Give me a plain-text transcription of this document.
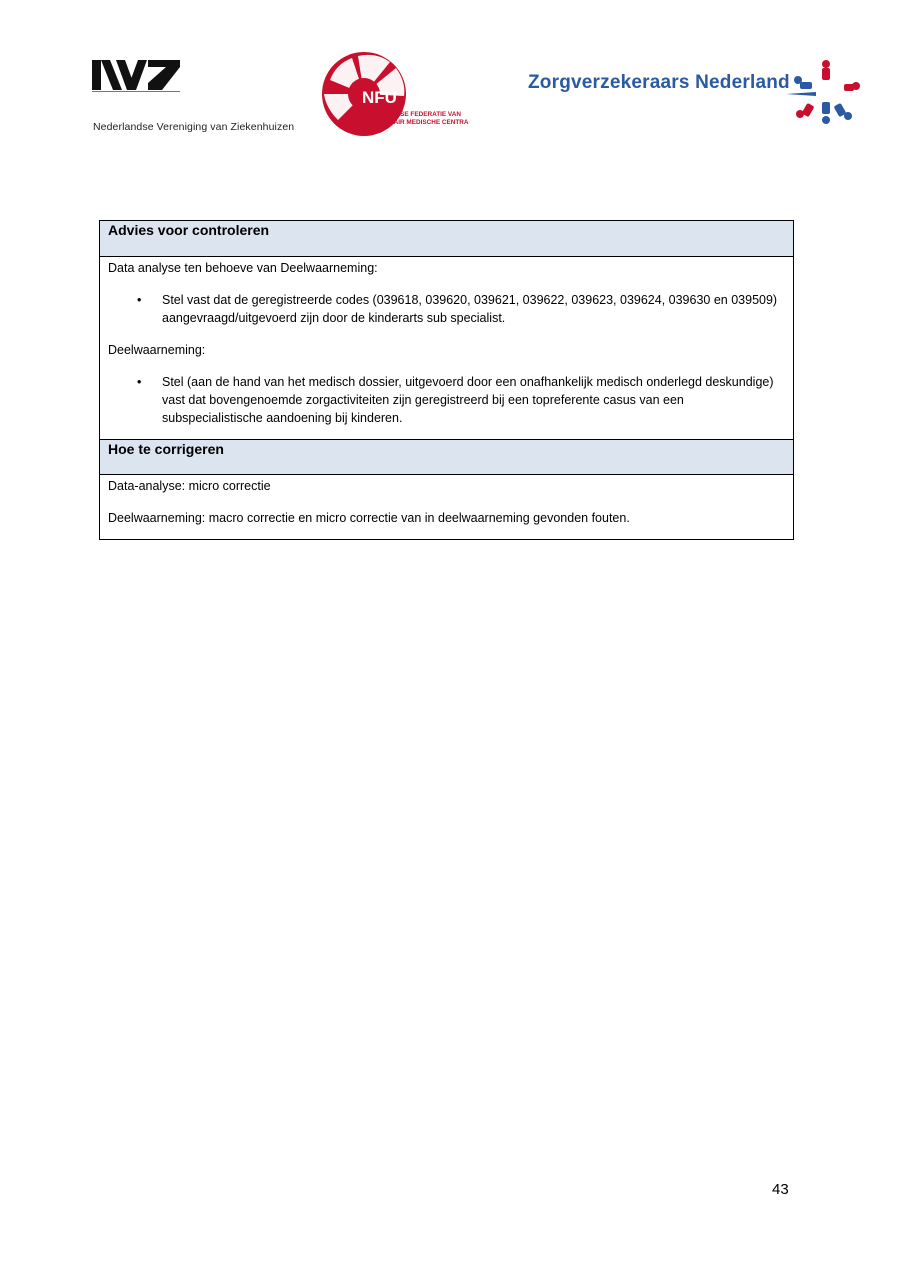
Nederlandse Vereniging van Ziekenhuizen
NFU
NEDERLANDSE FEDERATIE VAN
UNIVERSITAIR MEDISCHE CENTRA
Zorgverzekeraars Nederland
Advies voor controleren

Data analyse ten behoeve van Deelwaarneming:

• Stel vast dat de geregistreerde codes (039618, 039620, 039621, 039622, 039623, 039624, 039630 en 039509) aangevraagd/uitgevoerd zijn door de kinderarts sub specialist.

Deelwaarneming:

• Stel (aan de hand van het medisch dossier, uitgevoerd door een onafhankelijk medisch onderlegd deskundige) vast dat bovengenoemde zorgactiviteiten zijn geregistreerd bij een topreferente casus van een subspecialistische aandoening bij kinderen.
Hoe te corrigeren

Data-analyse: micro correctie

Deelwaarneming: macro correctie en micro correctie van in deelwaarneming gevonden fouten.

43
